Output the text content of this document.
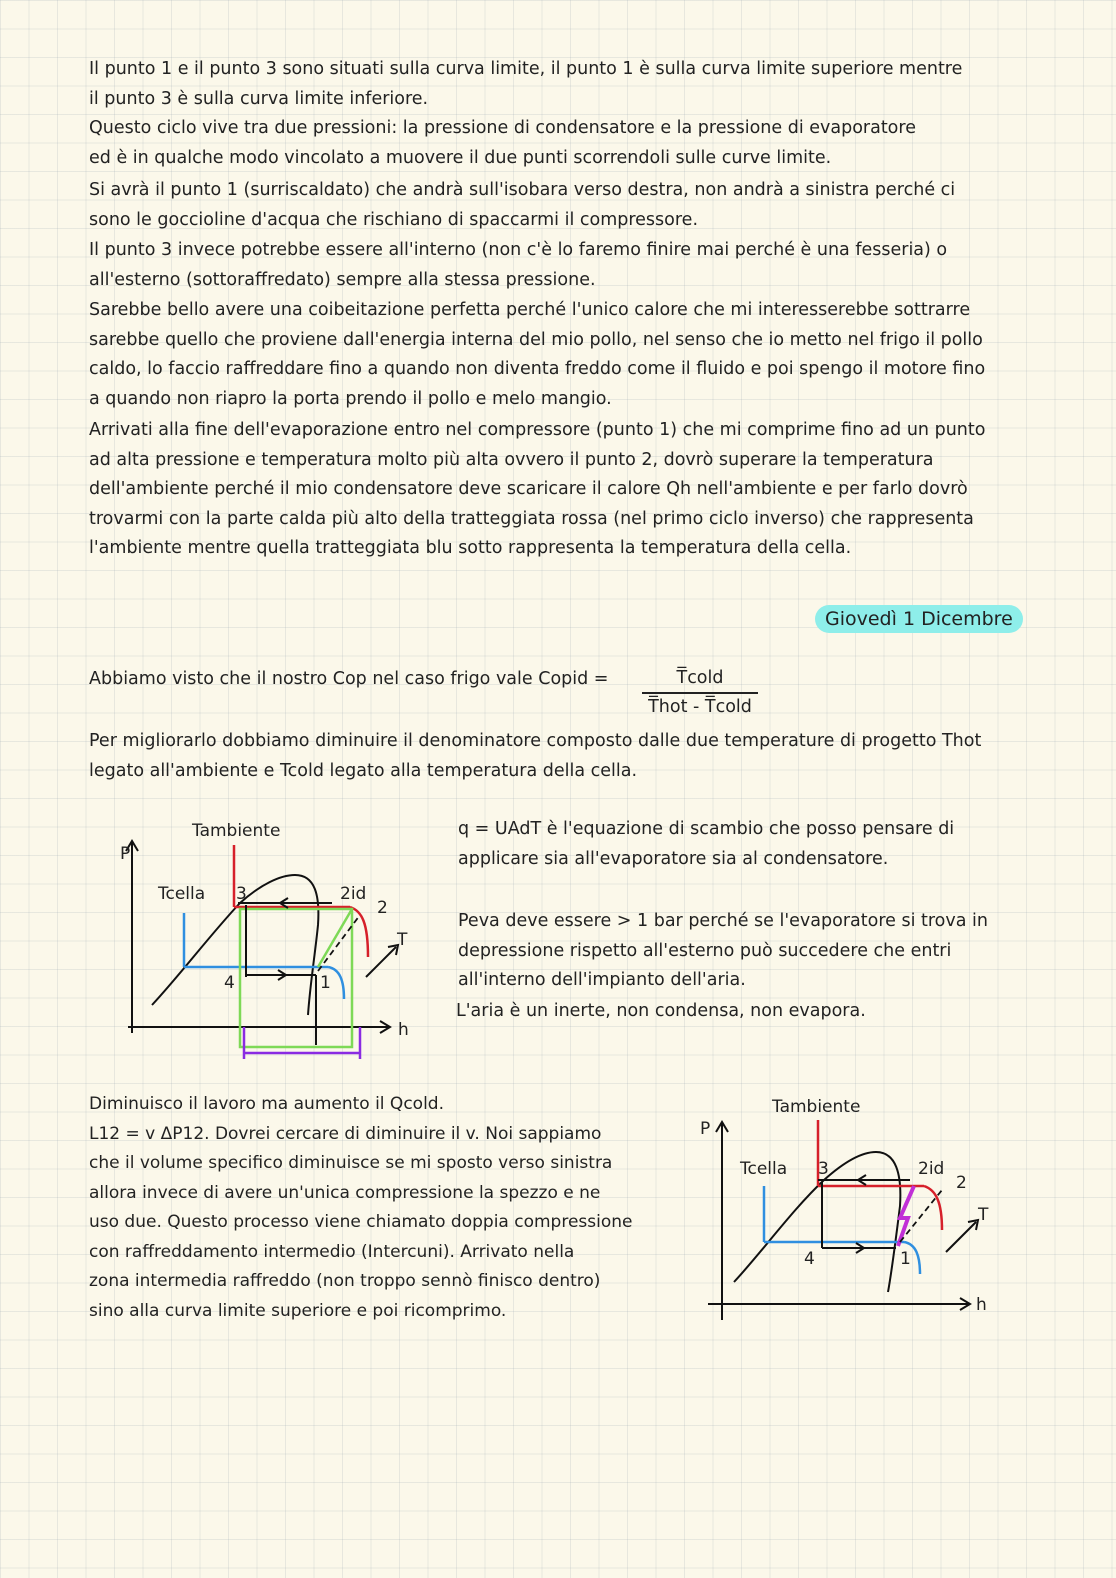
Il punto 1 e il punto 3 sono situati sulla curva limite, il punto 1 è sulla curva limite superiore mentre
il punto 3 è sulla curva limite inferiore.
Questo ciclo vive tra due pressioni: la pressione di condensatore e la pressione di evaporatore
ed è in qualche modo vincolato a muovere il due punti scorrendoli sulle curve limite.
Si avrà il punto 1 (surriscaldato) che andrà sull'isobara verso destra, non andrà a sinistra perché ci
sono le goccioline d'acqua che rischiano di spaccarmi il compressore.
Il punto 3 invece potrebbe essere all'interno (non c'è lo faremo finire mai perché è una fesseria) o
all'esterno (sottoraffredato) sempre alla stessa pressione.
Sarebbe bello avere una coibeitazione perfetta perché l'unico calore che mi interesserebbe sottrarre
sarebbe quello che proviene dall'energia interna del mio pollo, nel senso che io metto nel frigo il pollo
caldo, lo faccio raffreddare fino a quando non diventa freddo come il fluido e poi spengo il motore fino
a quando non riapro la porta prendo il pollo e melo mangio.
Arrivati alla fine dell'evaporazione entro nel compressore (punto 1) che mi comprime fino ad un punto
ad alta pressione e temperatura molto più alta ovvero il punto 2, dovrò superare la temperatura
dell'ambiente perché il mio condensatore deve scaricare il calore Qh nell'ambiente e per farlo dovrò
trovarmi con la parte calda più alto della tratteggiata rossa (nel primo ciclo inverso) che rappresenta
l'ambiente mentre quella tratteggiata blu sotto rappresenta la temperatura della cella.
Giovedì 1 Dicembre
Abbiamo visto che il nostro Cop nel caso frigo vale Copid =	T̅cold
T̅hot - T̅cold
Per migliorarlo dobbiamo diminuire il denominatore composto dalle due temperature di progetto Thot
legato all'ambiente e Tcold legato alla temperatura della cella.
Tambiente
P
Tcella 3	2id
2
T
4	1
h
q = UAdT è l'equazione di scambio che posso pensare di
applicare sia all'evaporatore sia al condensatore.
Peva deve essere > 1 bar perché se l'evaporatore si trova in
depressione rispetto all'esterno può succedere che entri
all'interno dell'impianto dell'aria.
L'aria è un inerte, non condensa, non evapora.
Diminuisco il lavoro ma aumento il Qcold.
L12 = v ΔP12. Dovrei cercare di diminuire il v. Noi sappiamo
che il volume specifico diminuisce se mi sposto verso sinistra
allora invece di avere un'unica compressione la spezzo e ne
uso due. Questo processo viene chiamato doppia compressione
con raffreddamento intermedio (Intercuni). Arrivato nella
zona intermedia raffreddo (non troppo sennò finisco dentro)
sino alla curva limite superiore e poi ricomprimo.
Tambiente
P
Tcella 3	2id
2
T
4	1
h
